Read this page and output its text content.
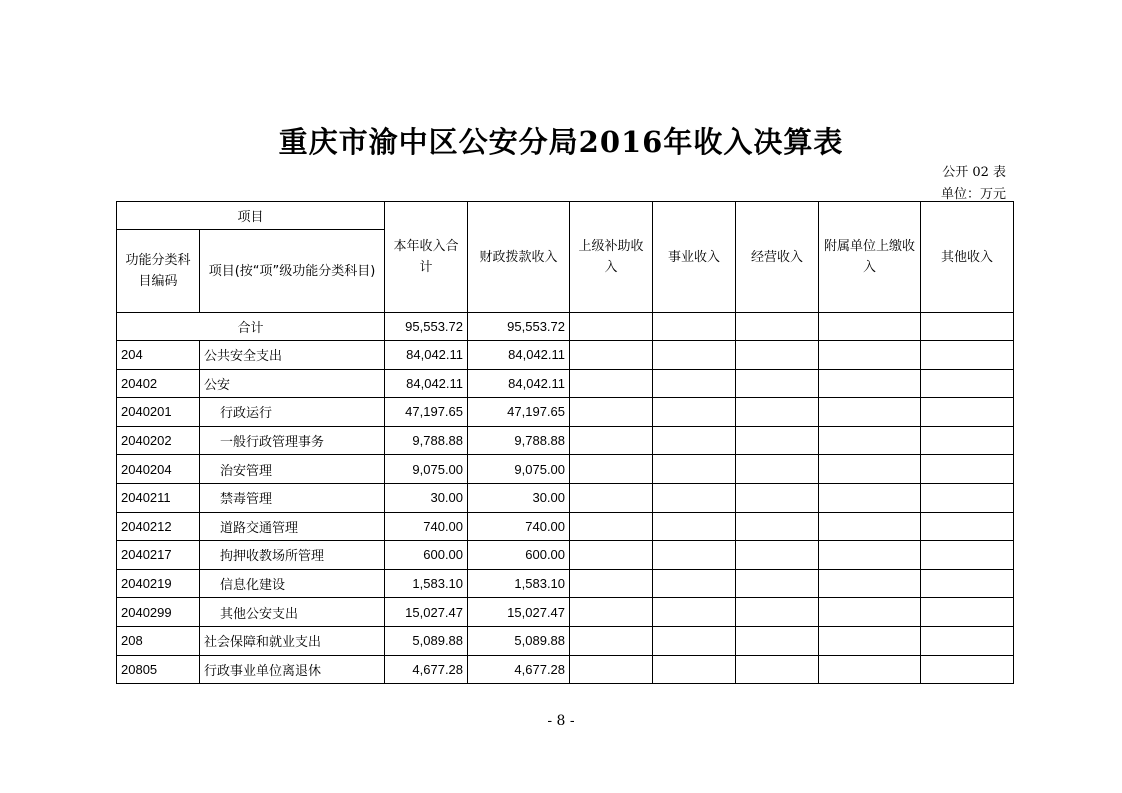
重庆市渝中区公安分局2016年收入决算表
公开 02 表
单位：万元
项目		本年收入合计	财政拨款收入	上级补助收入	事业收入	经营收入	附属单位上缴收入	其他收入
功能分类科目编码	项目(按“项”级功能分类科目)							
合计		95,553.72	95,553.72					
204	公共安全支出	84,042.11	84,042.11					
20402	公安	84,042.11	84,042.11					
2040201	行政运行	47,197.65	47,197.65					
2040202	一般行政管理事务	9,788.88	9,788.88					
2040204	治安管理	9,075.00	9,075.00					
2040211	禁毒管理	30.00	30.00					
2040212	道路交通管理	740.00	740.00					
2040217	拘押收教场所管理	600.00	600.00					
2040219	信息化建设	1,583.10	1,583.10					
2040299	其他公安支出	15,027.47	15,027.47					
208	社会保障和就业支出	5,089.88	5,089.88					
20805	行政事业单位离退休	4,677.28	4,677.28					
- 8 -
